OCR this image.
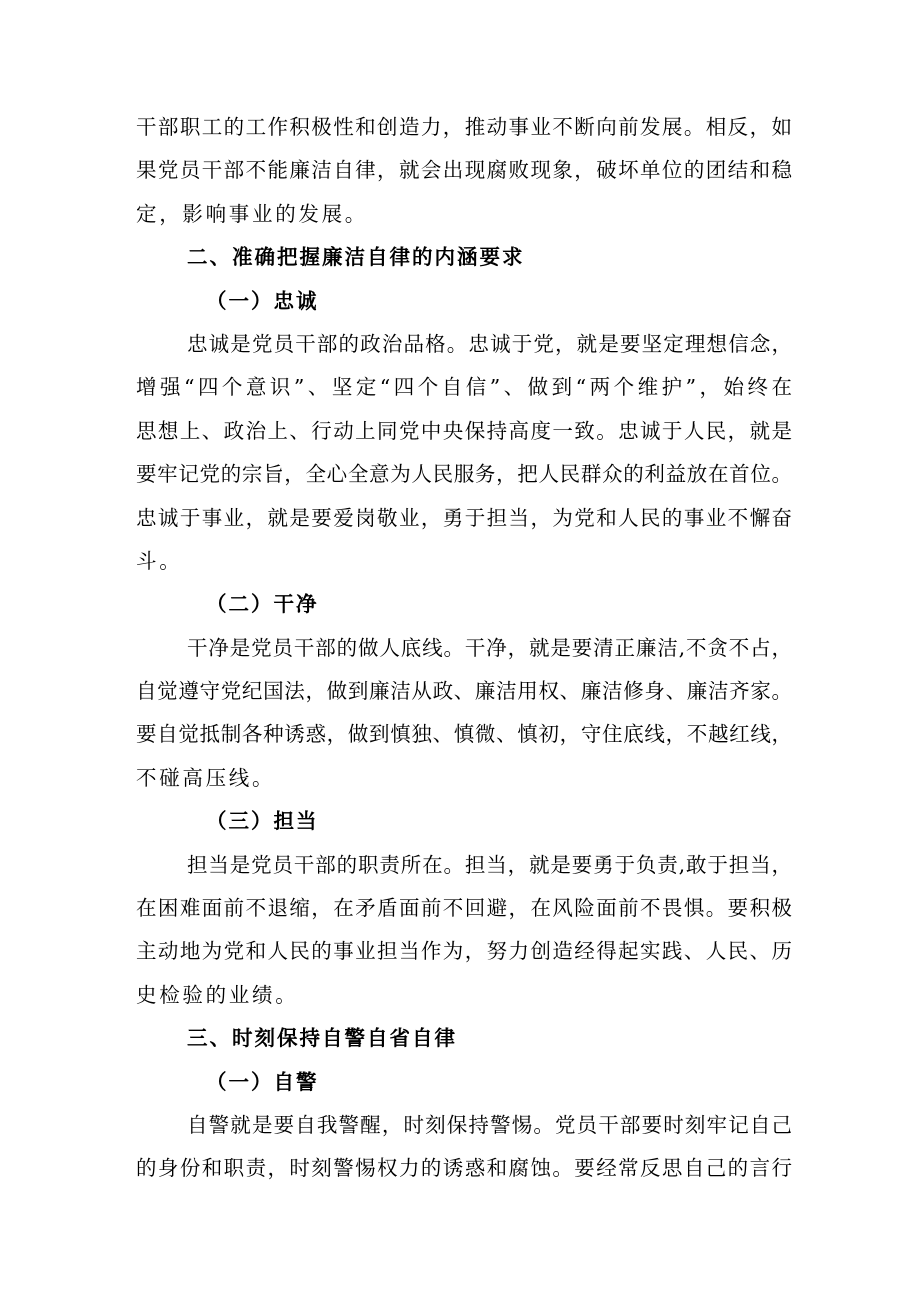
干部职工的工作积极性和创造力，推动事业不断向前发展。相反，如
果党员干部不能廉洁自律，就会出现腐败现象，破坏单位的团结和稳
定，影响事业的发展。
二、准确把握廉洁自律的内涵要求
（一）忠诚
忠诚是党员干部的政治品格。忠诚于党，就是要坚定理想信念，
增强“四个意识”、坚定“四个自信”、做到“两个维护”，始终在
思想上、政治上、行动上同党中央保持高度一致。忠诚于人民，就是
要牢记党的宗旨，全心全意为人民服务，把人民群众的利益放在首位。
忠诚于事业，就是要爱岗敬业，勇于担当，为党和人民的事业不懈奋
斗。
（二）干净
干净是党员干部的做人底线。干净，就是要清正廉洁,不贪不占，
自觉遵守党纪国法，做到廉洁从政、廉洁用权、廉洁修身、廉洁齐家。
要自觉抵制各种诱惑，做到慎独、慎微、慎初，守住底线，不越红线，
不碰高压线。
（三）担当
担当是党员干部的职责所在。担当，就是要勇于负责,敢于担当，
在困难面前不退缩，在矛盾面前不回避，在风险面前不畏惧。要积极
主动地为党和人民的事业担当作为，努力创造经得起实践、人民、历
史检验的业绩。
三、时刻保持自警自省自律
（一）自警
自警就是要自我警醒，时刻保持警惕。党员干部要时刻牢记自己
的身份和职责，时刻警惕权力的诱惑和腐蚀。要经常反思自己的言行
